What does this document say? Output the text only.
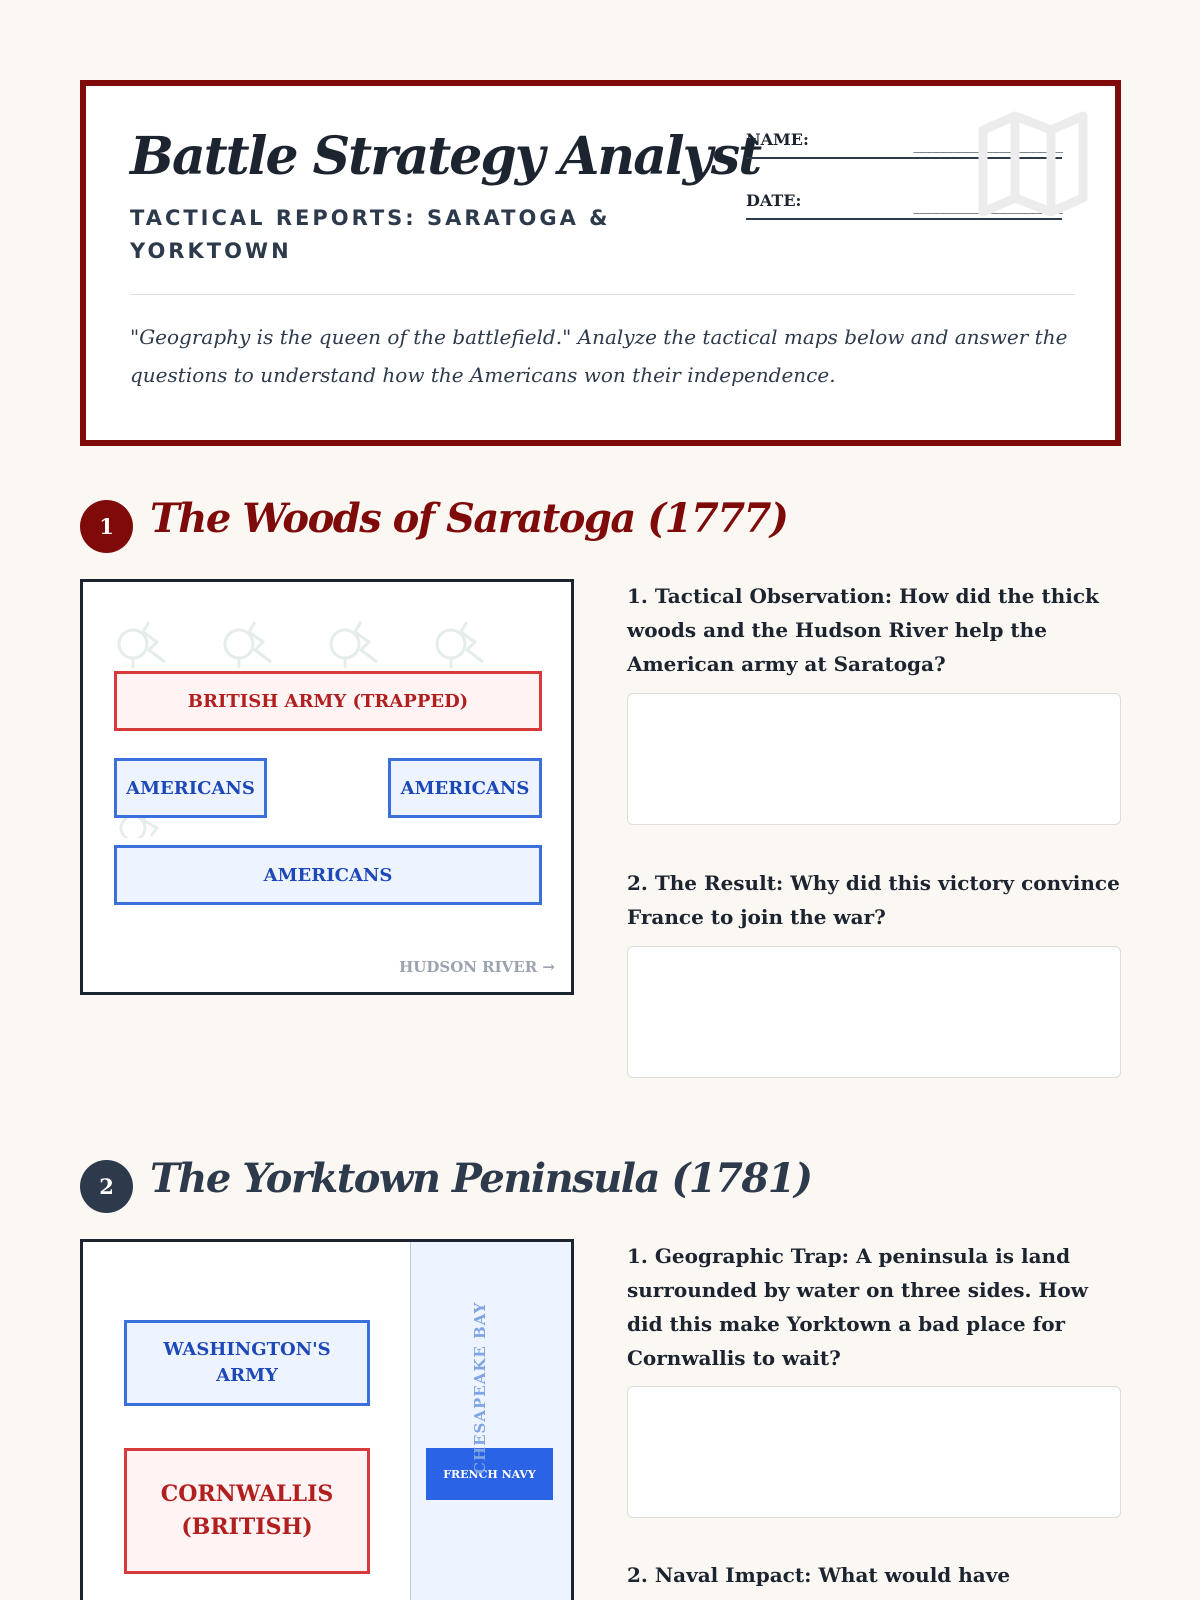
Battle Strategy Analyst
TACTICAL REPORTS: SARATOGA & YORKTOWN
NAME:	____________________
DATE:	____________________
"Geography is the queen of the battlefield." Analyze the tactical maps below and answer the questions to understand how the Americans won their independence.
1 The Woods of Saratoga (1777)
BRITISH ARMY (TRAPPED)
AMERICANS	AMERICANS
AMERICANS
HUDSON RIVER →
1. Tactical Observation: How did the thick woods and the Hudson River help the American army at Saratoga?
2. The Result: Why did this victory convince France to join the war?
2 The Yorktown Peninsula (1781)
WASHINGTON'S ARMY
CORNWALLIS (BRITISH)
FRENCH NAVY
CHESAPEAKE BAY
1. Geographic Trap: A peninsula is land surrounded by water on three sides. How did this make Yorktown a bad place for Cornwallis to wait?
2. Naval Impact: What would have
